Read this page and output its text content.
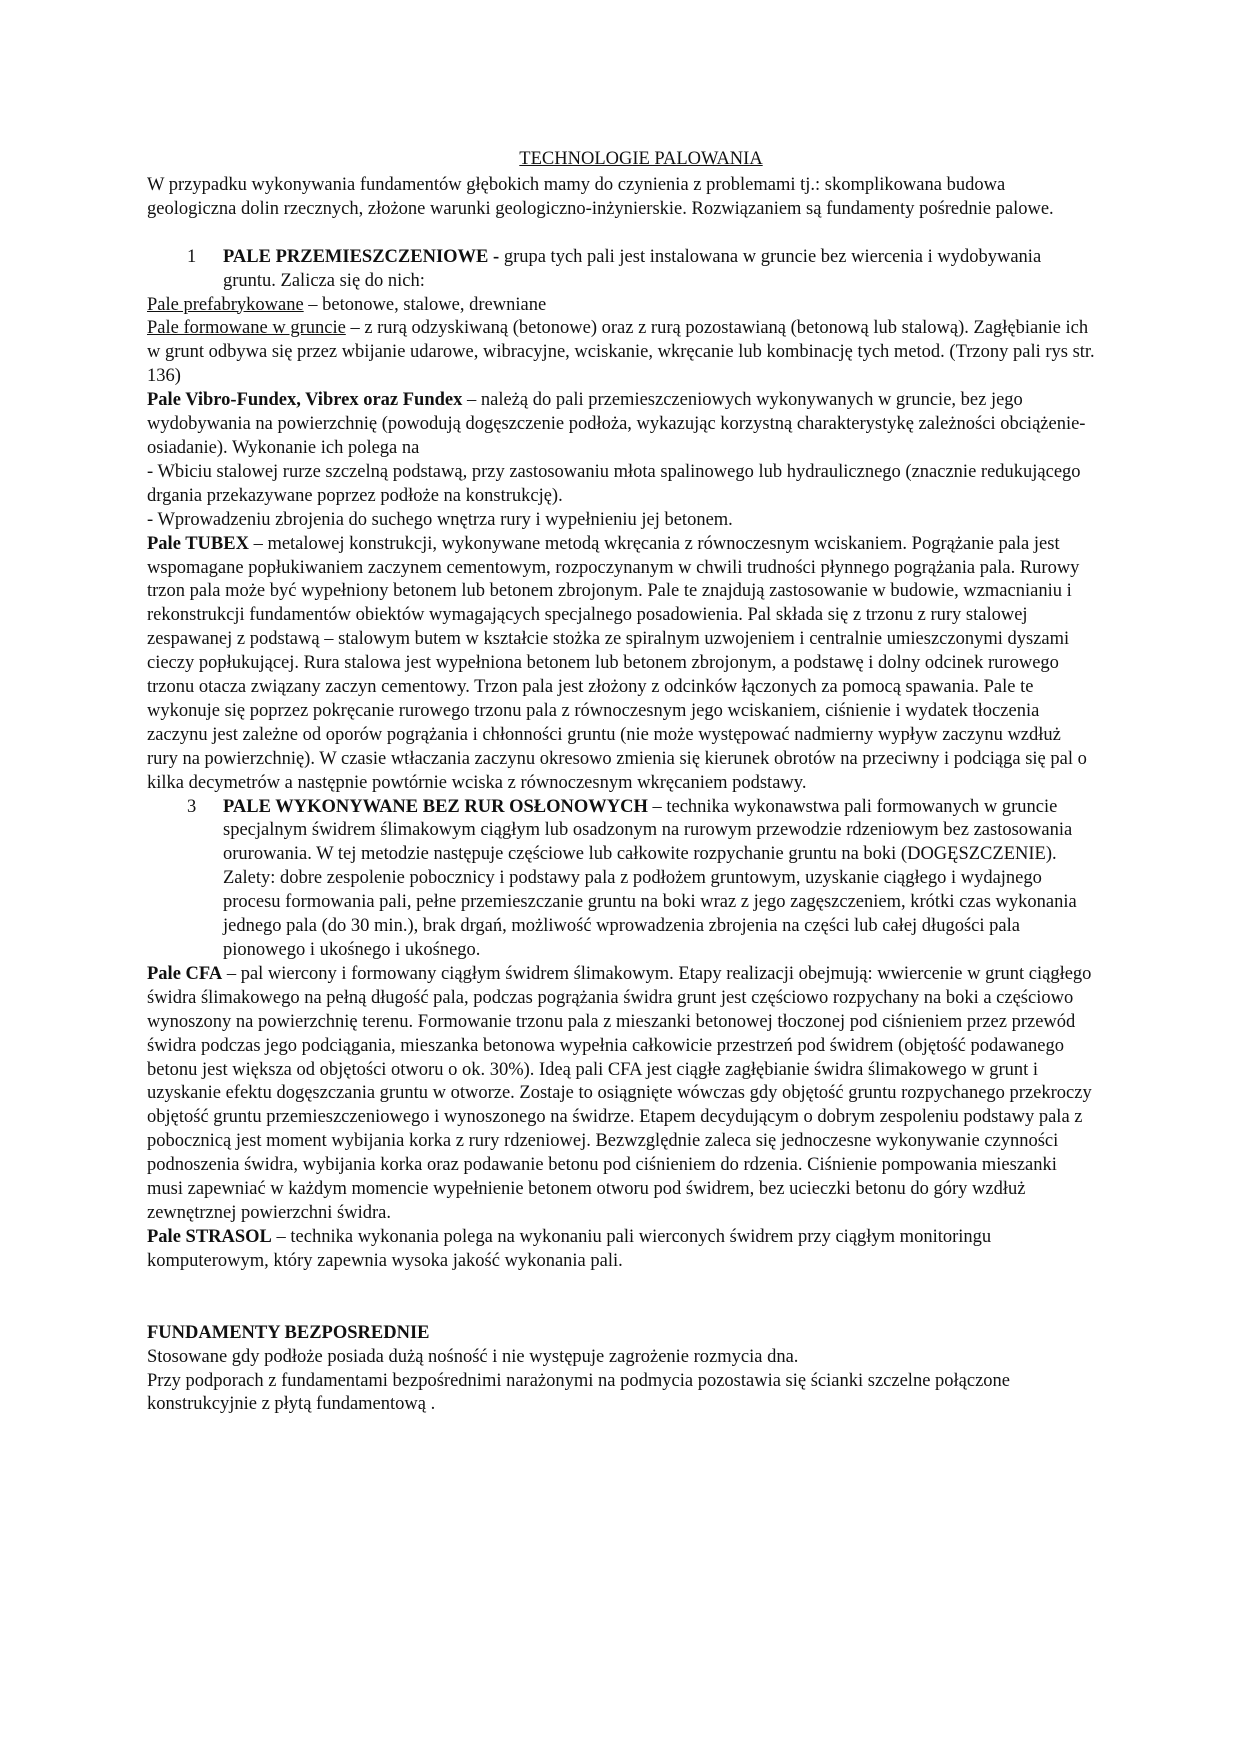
TECHNOLOGIE PALOWANIA

W przypadku wykonywania fundamentów głębokich mamy do czynienia z problemami tj.: skomplikowana budowa geologiczna dolin rzecznych, złożone warunki geologiczno-inżynierskie. Rozwiązaniem są fundamenty pośrednie palowe.

1	PALE PRZEMIESZCZENIOWE - grupa tych pali jest instalowana w gruncie bez wiercenia i wydobywania gruntu. Zalicza się do nich:

Pale prefabrykowane – betonowe, stalowe, drewniane

Pale formowane w gruncie – z rurą odzyskiwaną (betonowe) oraz z rurą pozostawianą (betonową lub stalową). Zagłębianie ich w grunt odbywa się przez wbijanie udarowe, wibracyjne, wciskanie, wkręcanie lub kombinację tych metod. (Trzony pali rys str. 136)

Pale Vibro-Fundex, Vibrex oraz Fundex – należą do pali przemieszczeniowych wykonywanych w gruncie, bez jego wydobywania na powierzchnię (powodują dogęszczenie podłoża, wykazując korzystną charakterystykę zależności obciążenie-osiadanie). Wykonanie ich polega na

- Wbiciu stalowej rurze szczelną podstawą, przy zastosowaniu młota spalinowego lub hydraulicznego (znacznie redukującego drgania przekazywane poprzez podłoże na konstrukcję).

- Wprowadzeniu zbrojenia do suchego wnętrza rury i wypełnieniu jej betonem.

Pale TUBEX – metalowej konstrukcji, wykonywane metodą wkręcania z równoczesnym wciskaniem. Pogrążanie pala jest wspomagane popłukiwaniem zaczynem cementowym, rozpoczynanym w chwili trudności płynnego pogrążania pala. Rurowy trzon pala może być wypełniony betonem lub betonem zbrojonym. Pale te znajdują zastosowanie w budowie, wzmacnianiu i rekonstrukcji fundamentów obiektów wymagających specjalnego posadowienia. Pal składa się z trzonu z rury stalowej zespawanej z podstawą – stalowym butem w kształcie stożka ze spiralnym uzwojeniem i centralnie umieszczonymi dyszami cieczy popłukującej. Rura stalowa jest wypełniona betonem lub betonem zbrojonym, a podstawę i dolny odcinek rurowego trzonu otacza związany zaczyn cementowy. Trzon pala jest złożony z odcinków łączonych za pomocą spawania. Pale te wykonuje się poprzez pokręcanie rurowego trzonu pala z równoczesnym jego wciskaniem, ciśnienie i wydatek tłoczenia zaczynu jest zależne od oporów pogrążania i chłonności gruntu (nie może występować nadmierny wypływ zaczynu wzdłuż rury na powierzchnię). W czasie wtłaczania zaczynu okresowo zmienia się kierunek obrotów na przeciwny i podciąga się pal o kilka decymetrów a następnie powtórnie wciska z równoczesnym wkręcaniem podstawy.

3	PALE WYKONYWANE BEZ RUR OSŁONOWYCH – technika wykonawstwa pali formowanych w gruncie specjalnym świdrem ślimakowym ciągłym lub osadzonym na rurowym przewodzie rdzeniowym bez zastosowania orurowania. W tej metodzie następuje częściowe lub całkowite rozpychanie gruntu na boki (DOGĘSZCZENIE). Zalety: dobre zespolenie pobocznicy i podstawy pala z podłożem gruntowym, uzyskanie ciągłego i wydajnego procesu formowania pali, pełne przemieszczanie gruntu na boki wraz z jego zagęszczeniem, krótki czas wykonania jednego pala (do 30 min.), brak drgań, możliwość wprowadzenia zbrojenia na części lub całej długości pala pionowego i ukośnego i ukośnego.

Pale CFA – pal wiercony i formowany ciągłym świdrem ślimakowym. Etapy realizacji obejmują: wwiercenie w grunt ciągłego świdra ślimakowego na pełną długość pala, podczas pogrążania świdra grunt jest częściowo rozpychany na boki a częściowo wynoszony na powierzchnię terenu. Formowanie trzonu pala z mieszanki betonowej tłoczonej pod ciśnieniem przez przewód świdra podczas jego podciągania, mieszanka betonowa wypełnia całkowicie przestrzeń pod świdrem (objętość podawanego betonu jest większa od objętości otworu o ok. 30%). Ideą pali CFA jest ciągłe zagłębianie świdra ślimakowego w grunt i uzyskanie efektu dogęszczania gruntu w otworze. Zostaje to osiągnięte wówczas gdy objętość gruntu rozpychanego przekroczy objętość gruntu przemieszczeniowego i wynoszonego na świdrze. Etapem decydującym o dobrym zespoleniu podstawy pala z pobocznicą jest moment wybijania korka z rury rdzeniowej. Bezwzględnie zaleca się jednoczesne wykonywanie czynności podnoszenia świdra, wybijania korka oraz podawanie betonu pod ciśnieniem do rdzenia. Ciśnienie pompowania mieszanki musi zapewniać w każdym momencie wypełnienie betonem otworu pod świdrem, bez ucieczki betonu do góry wzdłuż zewnętrznej powierzchni świdra.

Pale STRASOL – technika wykonania polega na wykonaniu pali wierconych świdrem przy ciągłym monitoringu komputerowym, który zapewnia wysoka jakość wykonania pali.

FUNDAMENTY BEZPOSREDNIE

Stosowane gdy podłoże posiada dużą nośność i nie występuje zagrożenie rozmycia dna.

Przy podporach z fundamentami bezpośrednimi narażonymi na podmycia pozostawia się ścianki szczelne połączone konstrukcyjnie z płytą fundamentową .
